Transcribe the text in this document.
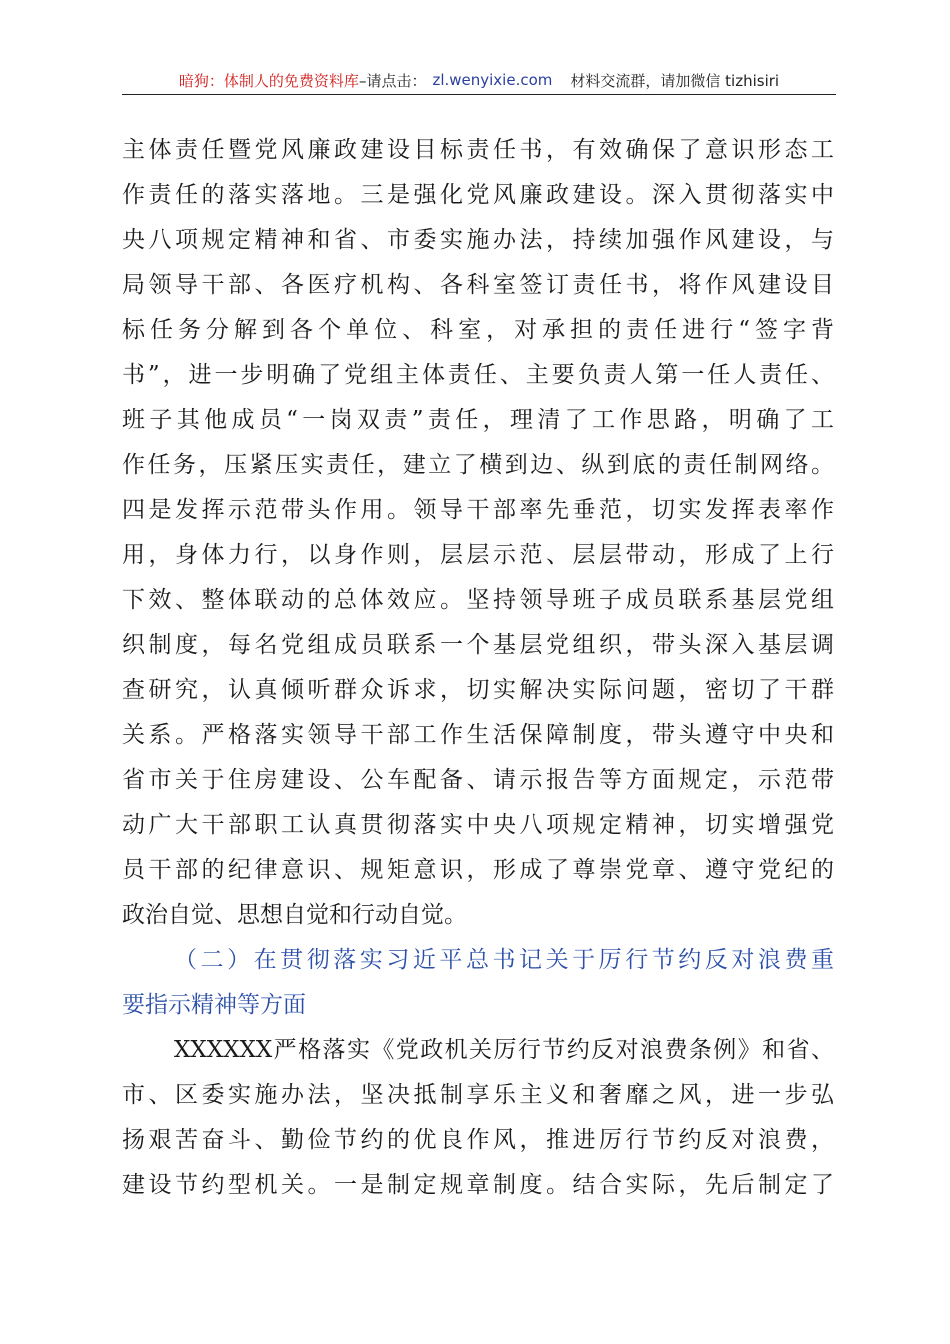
暗狗：体制人的免费资料库 –请点击： zl.wenyixie.com 材料交流群，请加微信 tizhisiri
主体责任暨党风廉政建设目标责任书，有效确保了意识形态工
作责任的落实落地。三是强化党风廉政建设。深入贯彻落实中
央八项规定精神和省、市委实施办法，持续加强作风建设，与
局领导干部、各医疗机构、各科室签订责任书，将作风建设目
标任务分解到各个单位、科室，对承担的责任进行“签字背
书”，进一步明确了党组主体责任、主要负责人第一任人责任、
班子其他成员“一岗双责”责任，理清了工作思路，明确了工
作任务，压紧压实责任，建立了横到边、纵到底的责任制网络。
四是发挥示范带头作用。领导干部率先垂范，切实发挥表率作
用，身体力行，以身作则，层层示范、层层带动，形成了上行
下效、整体联动的总体效应。坚持领导班子成员联系基层党组
织制度，每名党组成员联系一个基层党组织，带头深入基层调
查研究，认真倾听群众诉求，切实解决实际问题，密切了干群
关系。严格落实领导干部工作生活保障制度，带头遵守中央和
省市关于住房建设、公车配备、请示报告等方面规定，示范带
动广大干部职工认真贯彻落实中央八项规定精神，切实增强党
员干部的纪律意识、规矩意识，形成了尊崇党章、遵守党纪的
政治自觉、思想自觉和行动自觉。
（二）在贯彻落实习近平总书记关于厉行节约反对浪费重
要指示精神等方面
XXXXXX严格落实《党政机关厉行节约反对浪费条例》和省、
市、区委实施办法，坚决抵制享乐主义和奢靡之风，进一步弘
扬艰苦奋斗、勤俭节约的优良作风，推进厉行节约反对浪费，
建设节约型机关。一是制定规章制度。结合实际，先后制定了
